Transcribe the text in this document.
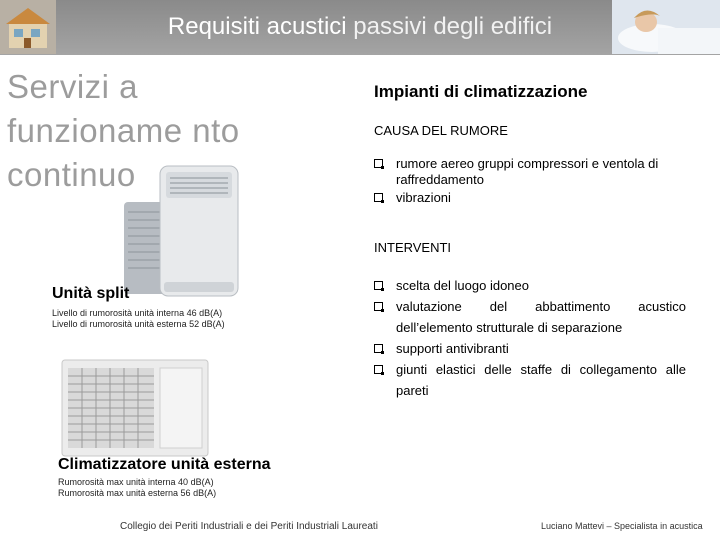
Requisiti acustici passivi degli edifici
Servizi a funzioname nto continuo
Unità split
Livello di rumorosità unità interna 46 dB(A)
Livello di rumorosità unità esterna 52 dB(A)
Climatizzatore unità esterna
Rumorosità max unità interna 40 dB(A)
Rumorosità max unità esterna 56 dB(A)
Impianti di climatizzazione
CAUSA DEL RUMORE
rumore aereo gruppi compressori e ventola di raffreddamento
vibrazioni
INTERVENTI
scelta del luogo idoneo
valutazione del abbattimento acustico dell’elemento strutturale di separazione
supporti antivibranti
giunti elastici delle staffe di collegamento alle pareti
Collegio dei Periti Industriali e dei Periti Industriali Laureati	Luciano Mattevi – Specialista in acustica
